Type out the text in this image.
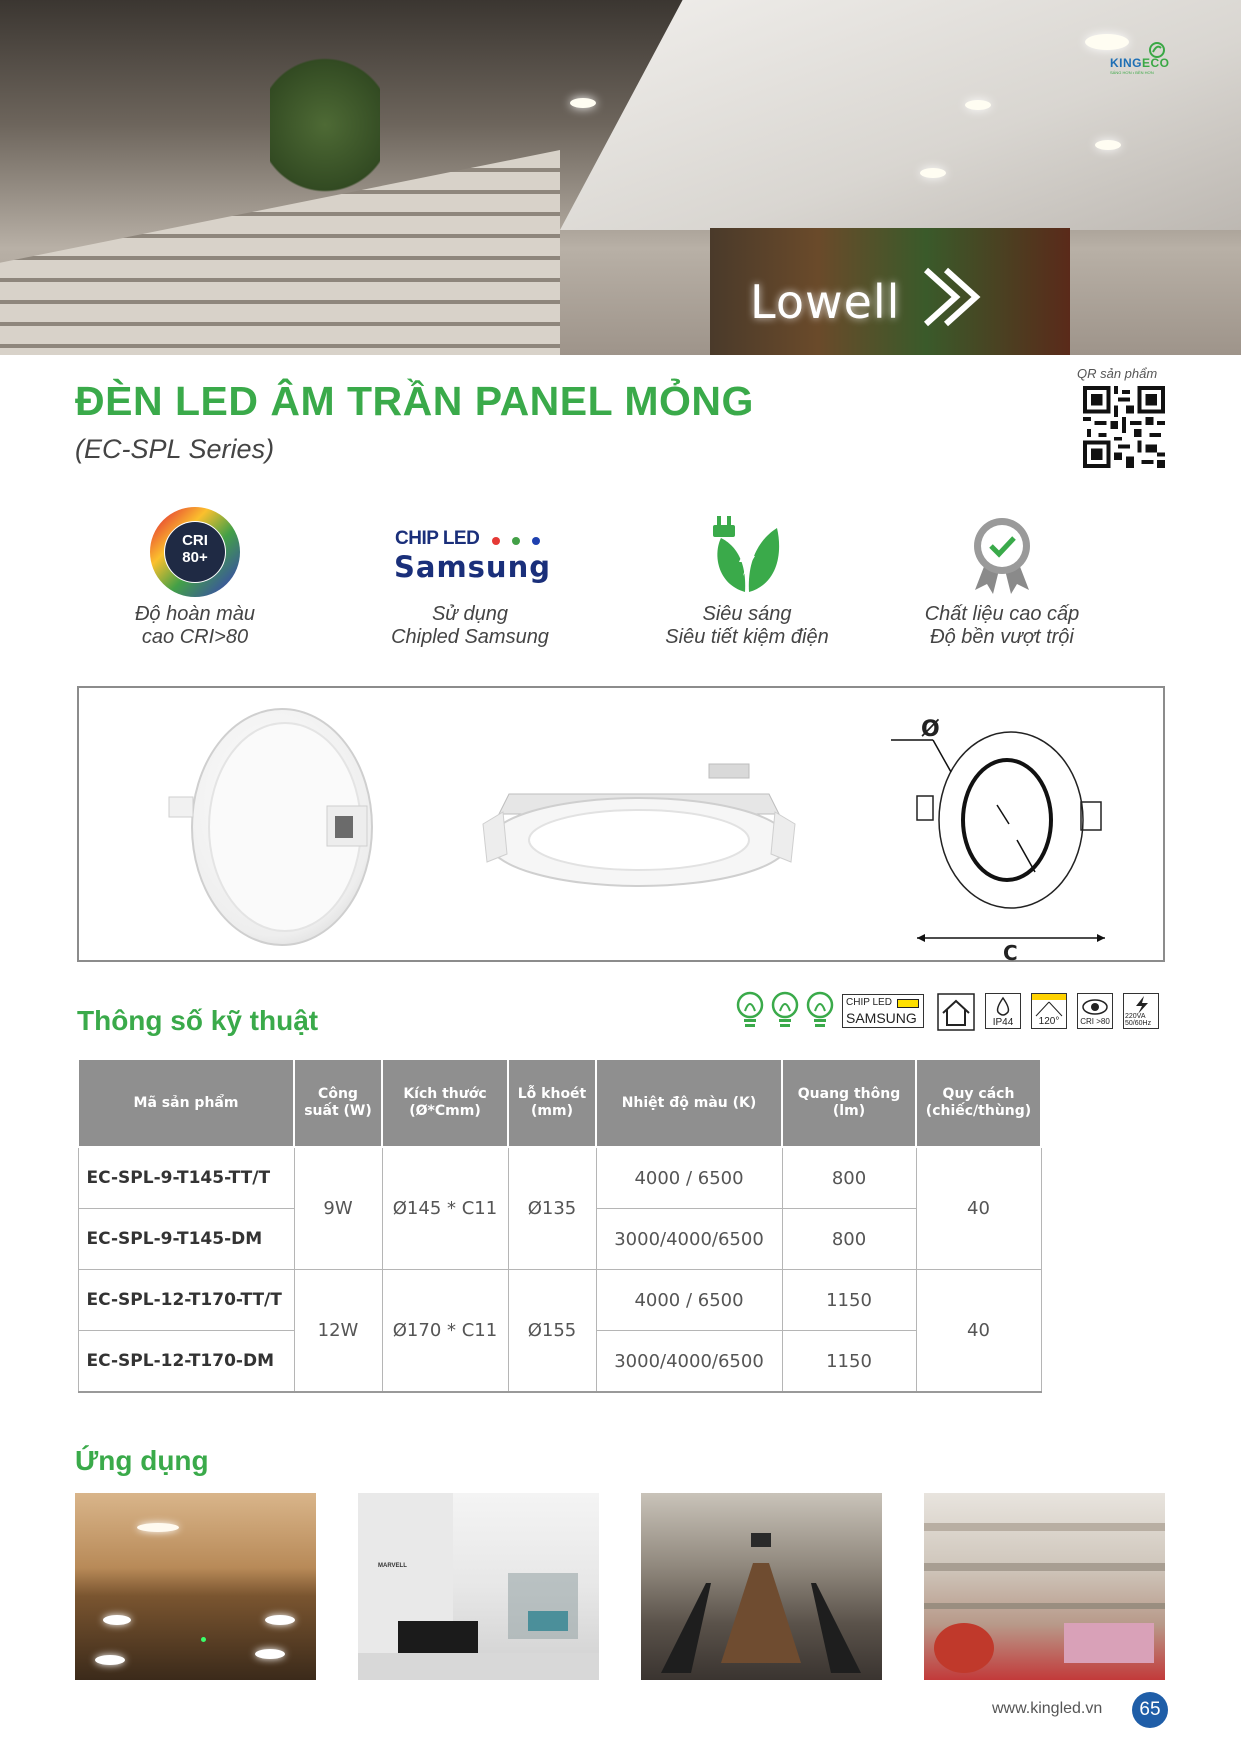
Lowell
KINGECO
SÁNG HƠN • BỀN HƠN
ĐÈN LED ÂM TRẦN PANEL MỎNG
(EC-SPL Series)
QR sản phẩm
CRI
80+
Độ hoàn màu
cao CRI>80
CHIP LED
Samsung
Sử dụng
Chipled Samsung
Siêu sáng
Siêu tiết kiệm điện
Chất liệu cao cấp
Độ bền vượt trội
Ø
C
Thông số kỹ thuật
CHIP LED
SAMSUNG	IP44	120°	CRI >80
220VA
50/60Hz
Mã sản phẩm	Công suất (W)	Kích thước (Ø*Cmm)	Lỗ khoét (mm)	Nhiệt độ màu (K)	Quang thông (lm)	Quy cách (chiếc/thùng)
EC-SPL-9-T145-TT/T	9W	Ø145 * C11	Ø135	4000 / 6500	800	40
EC-SPL-9-T145-DM				3000/4000/6500	800	
EC-SPL-12-T170-TT/T	12W	Ø170 * C11	Ø155	4000 / 6500	1150	40
EC-SPL-12-T170-DM				3000/4000/6500	1150	
Ứng dụng
MARVELL
www.kingled.vn	65
